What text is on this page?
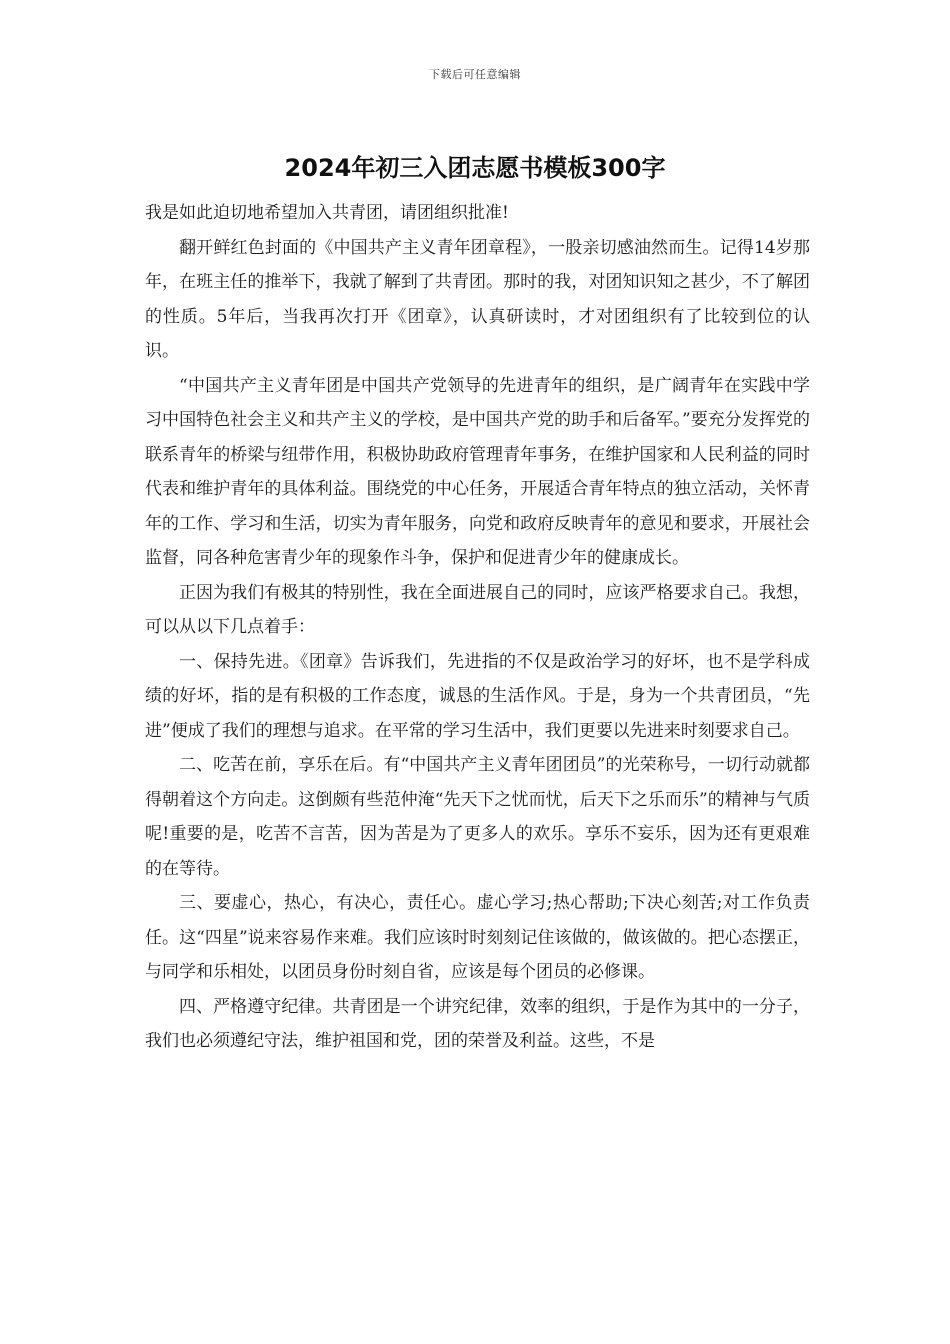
下载后可任意编辑
2024年初三入团志愿书模板300字

我是如此迫切地希望加入共青团，请团组织批准!

翻开鲜红色封面的《中国共产主义青年团章程》，一股亲切感油然而生。记得14岁那年，在班主任的推举下，我就了解到了共青团。那时的我，对团知识知之甚少，不了解团的性质。5年后，当我再次打开《团章》，认真研读时，才对团组织有了比较到位的认识。

“中国共产主义青年团是中国共产党领导的先进青年的组织，是广阔青年在实践中学习中国特色社会主义和共产主义的学校，是中国共产党的助手和后备军。”要充分发挥党的联系青年的桥梁与纽带作用，积极协助政府管理青年事务，在维护国家和人民利益的同时代表和维护青年的具体利益。围绕党的中心任务，开展适合青年特点的独立活动，关怀青年的工作、学习和生活，切实为青年服务，向党和政府反映青年的意见和要求，开展社会监督，同各种危害青少年的现象作斗争，保护和促进青少年的健康成长。

正因为我们有极其的特别性，我在全面进展自己的同时，应该严格要求自己。我想，可以从以下几点着手：

一、保持先进。《团章》告诉我们，先进指的不仅是政治学习的好坏，也不是学科成绩的好坏，指的是有积极的工作态度，诚恳的生活作风。于是，身为一个共青团员，“先进”便成了我们的理想与追求。在平常的学习生活中，我们更要以先进来时刻要求自己。

二、吃苦在前，享乐在后。有“中国共产主义青年团团员”的光荣称号，一切行动就都得朝着这个方向走。这倒颇有些范仲淹“先天下之忧而忧，后天下之乐而乐”的精神与气质呢!重要的是，吃苦不言苦，因为苦是为了更多人的欢乐。享乐不妄乐，因为还有更艰难的在等待。

三、要虚心，热心，有决心，责任心。虚心学习;热心帮助;下决心刻苦;对工作负责任。这“四星”说来容易作来难。我们应该时时刻刻记住该做的，做该做的。把心态摆正，与同学和乐相处，以团员身份时刻自省，应该是每个团员的必修课。

四、严格遵守纪律。共青团是一个讲究纪律，效率的组织，于是作为其中的一分子，我们也必须遵纪守法，维护祖国和党，团的荣誉及利益。这些，不是
